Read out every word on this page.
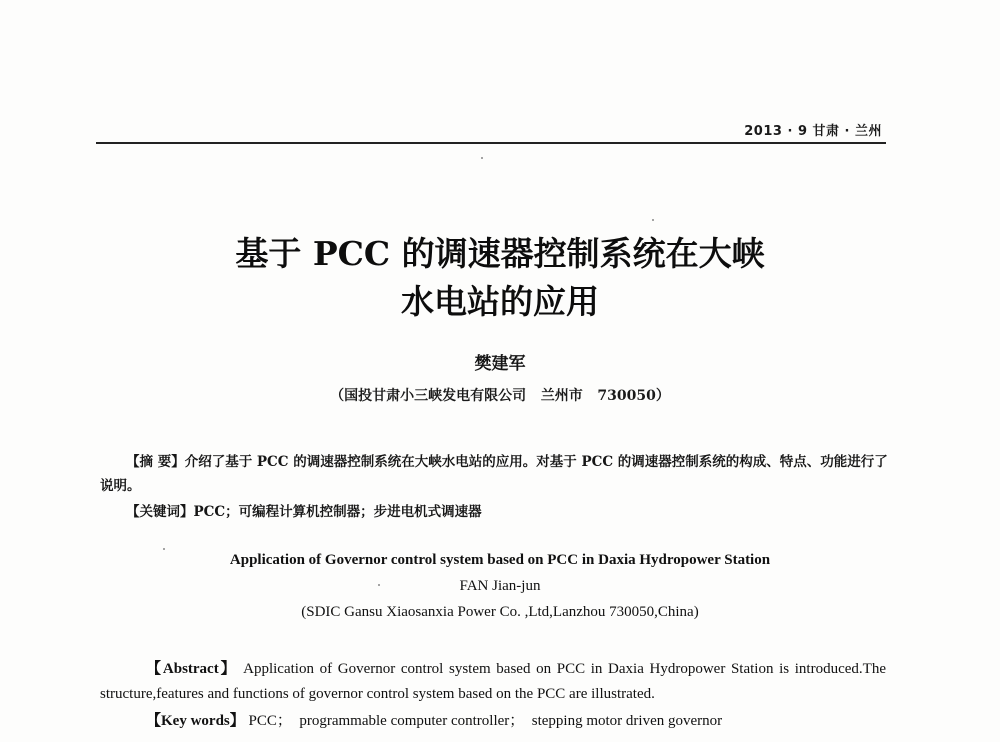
2013 · 9 甘肃 · 兰州
基于 PCC 的调速器控制系统在大峡
水电站的应用
樊建军
（国投甘肃小三峡发电有限公司   兰州市   730050）
【摘 要】介绍了基于 PCC 的调速器控制系统在大峡水电站的应用。对基于 PCC 的调速器控制系统的构成、特点、功能进行了说明。
【关键词】PCC；可编程计算机控制器；步进电机式调速器
Application of Governor control system based on PCC in Daxia Hydropower Station
FAN Jian-jun
(SDIC Gansu Xiaosanxia Power Co. ,Ltd,Lanzhou 730050,China)
【Abstract】 Application of Governor control system based on PCC in Daxia Hydropower Station is introduced.The structure,features and functions of governor control system based on the PCC are illustrated.
【Key words】 PCC；  programmable computer controller；  stepping motor driven governor
